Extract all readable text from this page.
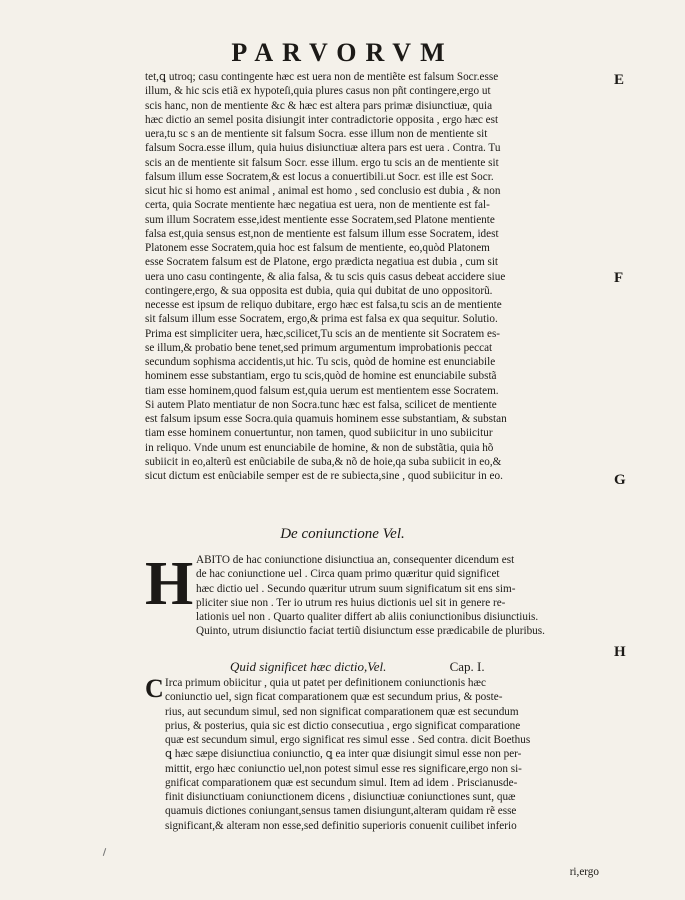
PARVORVM
E
F
G
H
tet,ꝗ utroq; casu contingente hæc est uera non de mentiẽte est falsum Socr.esse
illum, & hic scis etiã ex hypoteſi,quia plures casus non pñt contingere,ergo ut
scis hanc, non de mentiente &c & hæc est altera pars primæ disiunctiuæ, quia
hæc dictio an semel posita disiungit inter contradictorie opposita , ergo hæc est
uera,tu sc s an de mentiente sit falsum Socra. esse illum non de mentiente sit
falsum Socra.esse illum, quia huius disiunctiuæ altera pars est uera . Contra. Tu
scis an de mentiente sit falsum Socr. esse illum. ergo tu scis an de mentiente sit
falsum illum esse Socratem,& est locus a conuertibili.ut Socr. est ille est Socr.
sicut hic si homo est animal , animal est homo , sed conclusio est dubia , & non
certa, quia Socrate mentiente hæc negatiua est uera, non de mentiente est fal-
sum illum Socratem esse,idest mentiente esse Socratem,sed Platone mentiente
falsa est,quia sensus est,non de mentiente est falsum illum esse Socratem, idest
Platonem esse Socratem,quia hoc est falsum de mentiente, eo,quòd Platonem
esse Socratem falsum est de Platone, ergo prædicta negatiua est dubia , cum sit
uera uno casu contingente, & alia falsa, & tu scis quis casus debeat accidere siue
contingere,ergo, & sua opposita est dubia, quia qui dubitat de uno oppositorũ.
necesse est ipsum de reliquo dubitare, ergo hæc est falsa,tu scis an de mentiente
sit falsum illum esse Socratem, ergo,& prima est falsa ex qua sequitur. Solutio.
Prima est simpliciter uera, hæc,scilicet,Tu scis an de mentiente sit Socratem es-
se illum,& probatio bene tenet,sed primum argumentum improbationis peccat
secundum sophisma accidentis,ut hic. Tu scis, quòd de homine est enunciabile
hominem esse substantiam, ergo tu scis,quòd de homine est enunciabile substã
tiam esse hominem,quod falsum est,quia uerum est mentientem esse Socratem.
Si autem Plato mentiatur de non Socra.tunc hæc est falsa, scilicet de mentiente
est falsum ipsum esse Socra.quia quamuis hominem esse substantiam, & substan
tiam esse hominem conuertuntur, non tamen, quod subiicitur in uno subiicitur
in reliquo. Vnde unum est enunciabile de homine, & non de substãtia, quia hõ
subiicit in eo,alterũ est enũciabile de suba,& nõ de hoie,qa suba subiicit in eo,&
sicut dictum est enũciabile semper est de re subiecta,sine , quod subiicitur in eo.
De coniunctione Vel.
H ABITO de hac coniunctione disiunctiua an, consequenter dicendum est
de hac coniunctione uel . Circa quam primo quæritur quid significet
hæc dictio uel . Secundo quæritur utrum suum significatum sit ens sim-
pliciter siue non . Ter io utrum res huius dictionis uel sit in genere re-
lationis uel non . Quarto qualiter differt ab aliis coniunctionibus disiunctiuis.
Quinto, utrum disiunctio faciat tertiũ disiunctum esse prædicabile de pluribus.
Quid significet hæc dictio,Vel.	Cap. I.
C Irca primum obiicitur , quia ut patet per definitionem coniunctionis hæc
coniunctio uel, sign ficat comparationem quæ est secundum prius, & poste-
rius, aut secundum simul, sed non significat comparationem quæ est secundum
prius, & posterius, quia sic est dictio consecutiua , ergo significat comparatione
quæ est secundum simul, ergo significat res simul esse . Sed contra. dicit Boethus
ꝗ hæc sæpe disiunctiua coniunctio, ꝗ ea inter quæ disiungit simul esse non per-
mittit, ergo hæc coniunctio uel,non potest simul esse res significare,ergo non si-
gnificat comparationem quæ est secundum simul. Item ad idem . Priscianusde-
finit disiunctiuam coniunctionem dicens , disiunctiuæ coniunctiones sunt, quæ
quamuis dictiones coniungant,sensus tamen disiungunt,alteram quidam rẽ esse
significant,& alteram non esse,sed definitio superioris conuenit cuilibet inferio
ri,ergo
